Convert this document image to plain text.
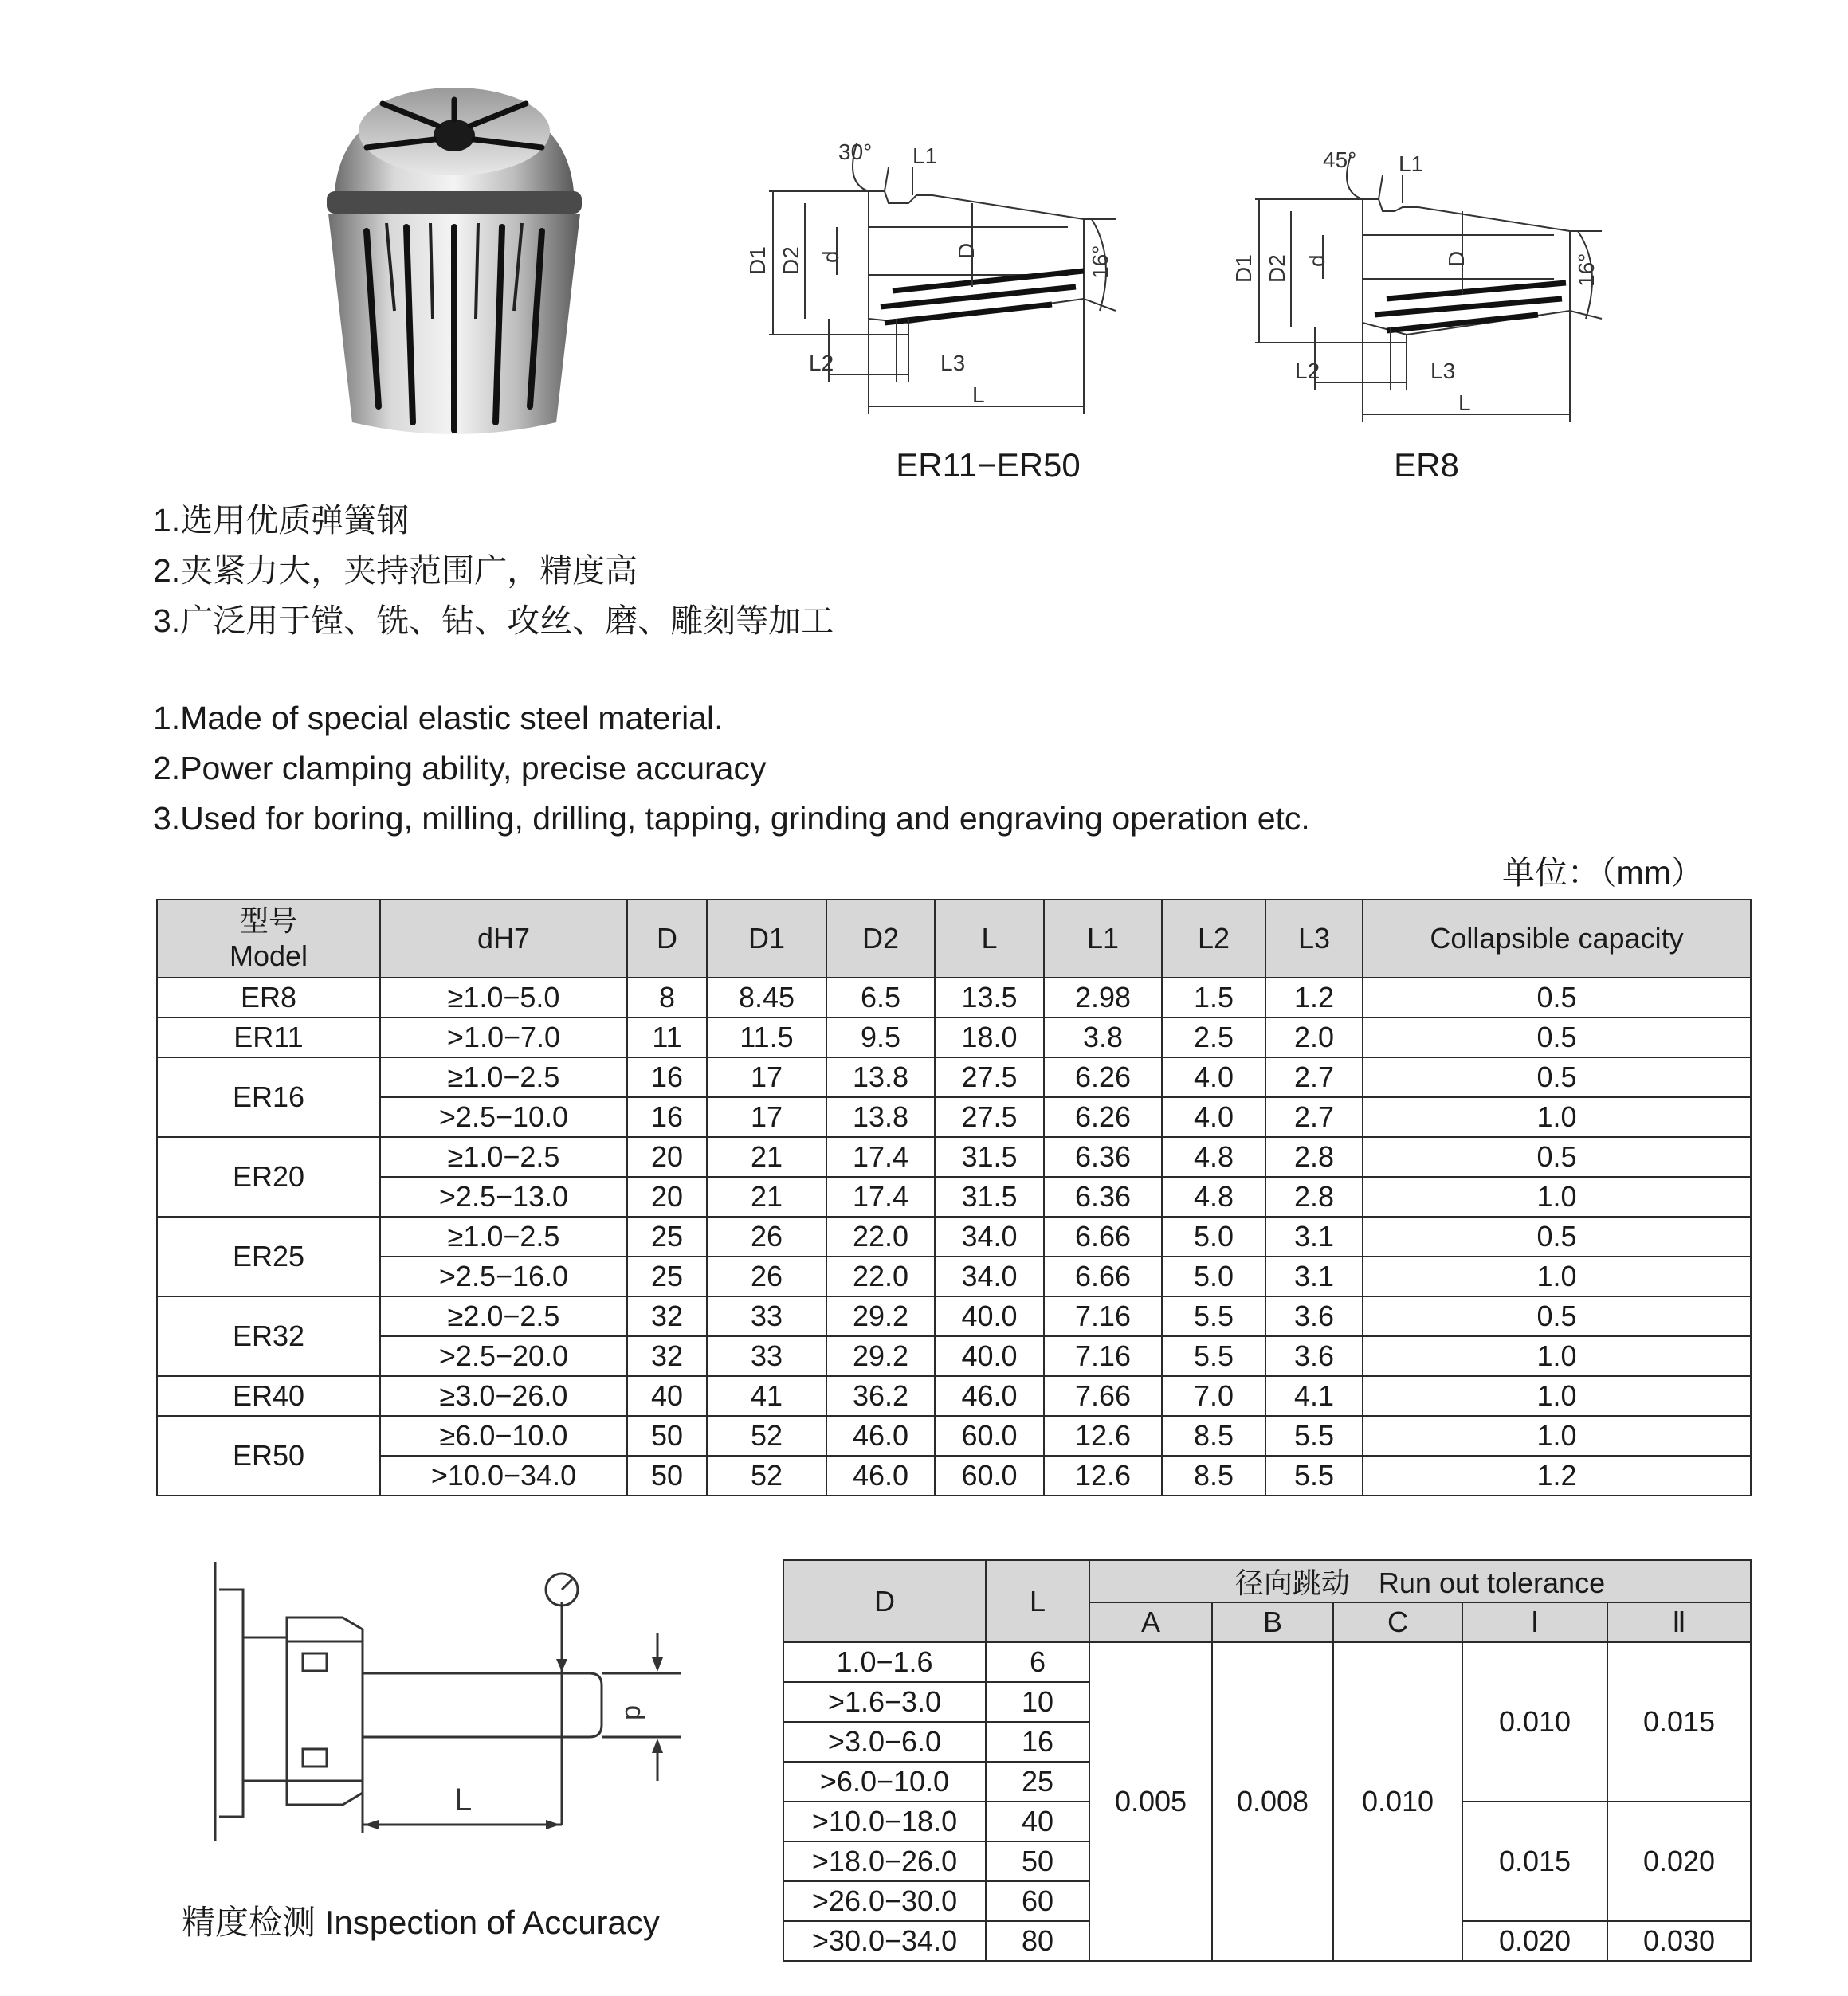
30° L1
D1 D2 d	D	16°
L2	L3
L
ER11−ER50
45° L1
D1 D2 d	D	16°
L2	L3
L
ER8
1.选用优质弹簧钢
2.夹紧力大，夹持范围广，精度高
3.广泛用于镗、铣、钻、攻丝、磨、雕刻等加工
1.Made of special elastic steel material.
2.Power clamping ability, precise accuracy
3.Used for boring, milling, drilling, tapping, grinding and engraving operation etc.
单位：（mm）
型号
Model	dH7	D	D1	D2	L	L1	L2	L3	Collapsible capacity
ER8	≥1.0−5.0	8	8.45	6.5	13.5	2.98	1.5	1.2	0.5
ER11	>1.0−7.0	11	11.5	9.5	18.0	3.8	2.5	2.0	0.5
ER16	≥1.0−2.5	16	17	13.8	27.5	6.26	4.0	2.7	0.5
	>2.5−10.0	16	17	13.8	27.5	6.26	4.0	2.7	1.0
ER20	≥1.0−2.5	20	21	17.4	31.5	6.36	4.8	2.8	0.5
	>2.5−13.0	20	21	17.4	31.5	6.36	4.8	2.8	1.0
ER25	≥1.0−2.5	25	26	22.0	34.0	6.66	5.0	3.1	0.5
	>2.5−16.0	25	26	22.0	34.0	6.66	5.0	3.1	1.0
ER32	≥2.0−2.5	32	33	29.2	40.0	7.16	5.5	3.6	0.5
	>2.5−20.0	32	33	29.2	40.0	7.16	5.5	3.6	1.0
ER40	≥3.0−26.0	40	41	36.2	46.0	7.66	7.0	4.1	1.0
ER50	≥6.0−10.0	50	52	46.0	60.0	12.6	8.5	5.5	1.0
	>10.0−34.0	50	52	46.0	60.0	12.6	8.5	5.5	1.2
L
d
精度检测 Inspection of Accuracy
D	L	径向跳动　Run out tolerance				
		A	B	C	Ⅰ	Ⅱ
1.0−1.6	6	0.005	0.008	0.010	0.010	0.015
>1.6−3.0	10					
>3.0−6.0	16					
>6.0−10.0	25					
>10.0−18.0	40				0.015	0.020
>18.0−26.0	50					
>26.0−30.0	60					
>30.0−34.0	80				0.020	0.030
